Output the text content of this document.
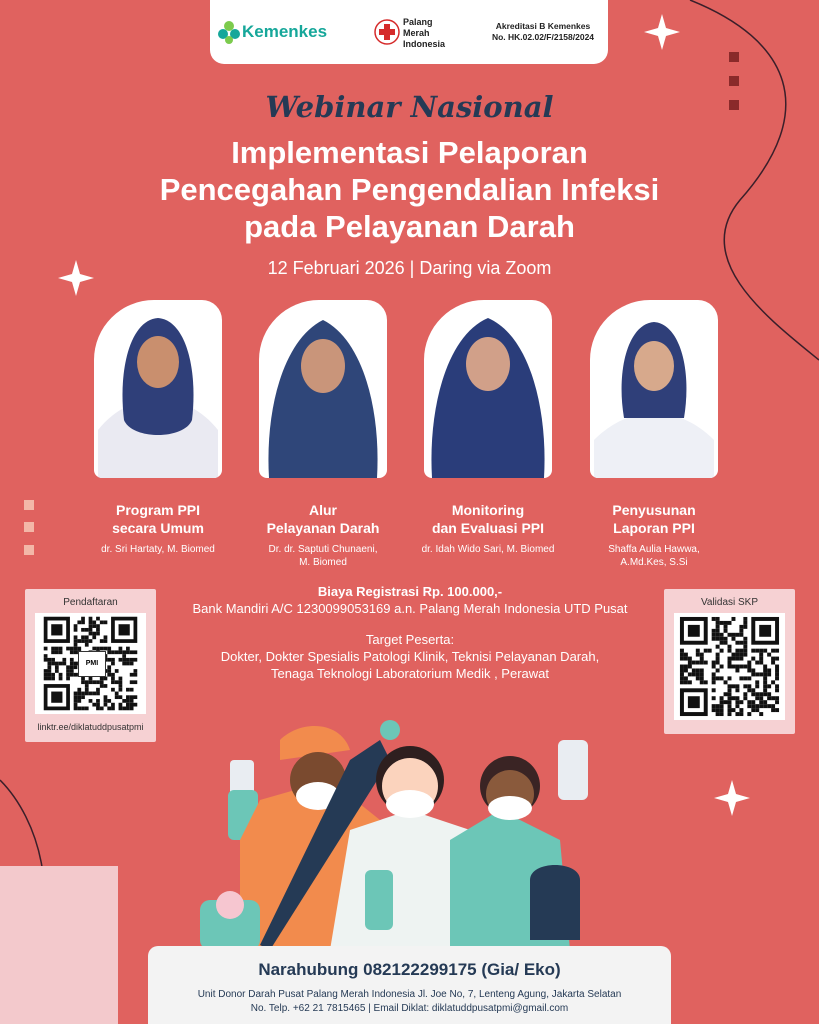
Kemenkes	Palang
Merah
Indonesia
Akreditasi B Kemenkes
No. HK.02.02/F/2158/2024
Webinar Nasional
Implementasi Pelaporan
Pencegahan Pengendalian Infeksi
pada Pelayanan Darah
12 Februari 2026 | Daring via Zoom
Program PPI
secara Umum
Alur
Pelayanan Darah
Monitoring
dan Evaluasi PPI
Penyusunan
Laporan PPI
dr. Sri Hartaty, M. Biomed	Dr. dr. Saptuti Chunaeni,
M. Biomed
dr. Idah Wido Sari, M. Biomed	Shaffa Aulia Hawwa,
A.Md.Kes, S.Si
Pendaftaran
PMI
linktr.ee/diklatuddpusatpmi
Validasi SKP
Biaya Registrasi Rp. 100.000,-
Bank Mandiri A/C 1230099053169 a.n. Palang Merah Indonesia UTD Pusat
Target Peserta:
Dokter, Dokter Spesialis Patologi Klinik, Teknisi Pelayanan Darah,
Tenaga Teknologi Laboratorium Medik , Perawat
Narahubung 08212229917​5 (Gia/ Eko)
Unit Donor Darah Pusat Palang Merah Indonesia Jl. Joe No, 7, Lenteng Agung, Jakarta Selatan
No. Telp. +62 21 7815465 | Email Diklat: diklatuddpusatpmi@gmail.com
